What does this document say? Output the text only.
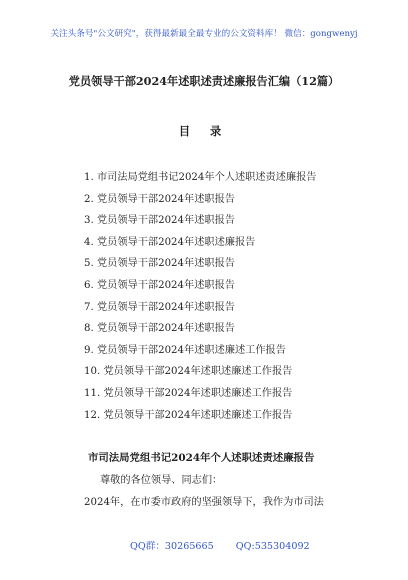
关注头条号"公文研究"，获得最新最全最专业的公文资料库！ 微信：gongwenyj
党员领导干部2024年述职述责述廉报告汇编（12篇）
目 录
1. 市司法局党组书记2024年个人述职述责述廉报告
2. 党员领导干部2024年述职报告
3. 党员领导干部2024年述职报告
4. 党员领导干部2024年述职述廉报告
5. 党员领导干部2024年述职报告
6. 党员领导干部2024年述职报告
7. 党员领导干部2024年述职报告
8. 党员领导干部2024年述职报告
9. 党员领导干部2024年述职述廉述工作报告
10. 党员领导干部2024年述职述廉述工作报告
11. 党员领导干部2024年述职述廉述工作报告
12. 党员领导干部2024年述职述廉述工作报告
市司法局党组书记2024年个人述职述责述廉报告
尊敬的各位领导、同志们：
2024年，在市委市政府的坚强领导下，我作为市司法
QQ群：30265665 QQ:535304092
